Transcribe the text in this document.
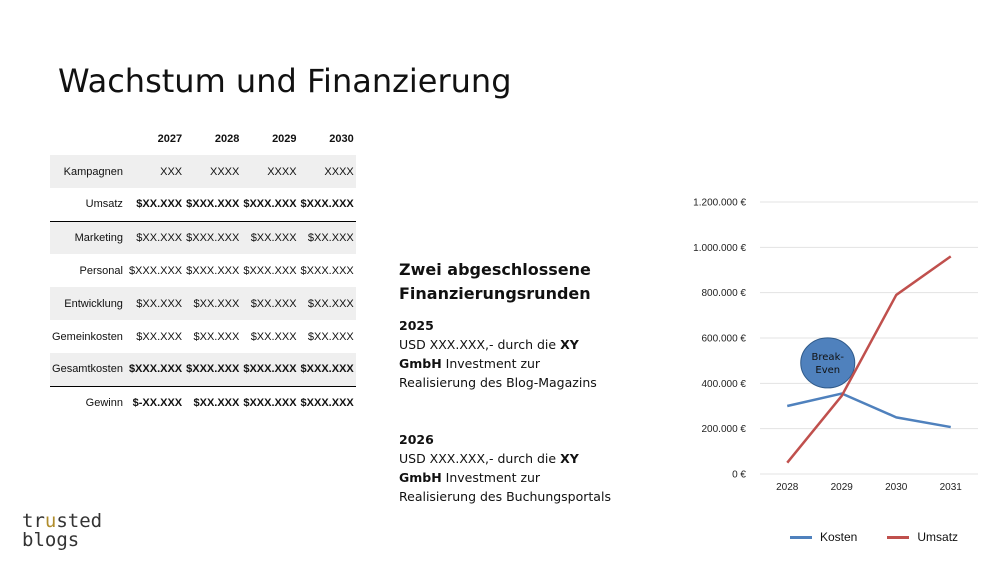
Wachstum und Finanzierung
	2027	2028	2029	2030
Kampagnen	XXX	XXXX	XXXX	XXXX
Umsatz	$XX.XXX	$XXX.XXX	$XXX.XXX	$XXX.XXX
Marketing	$XX.XXX	$XXX.XXX	$XX.XXX	$XX.XXX
Personal	$XXX.XXX	$XXX.XXX	$XXX.XXX	$XXX.XXX
Entwicklung	$XX.XXX	$XX.XXX	$XX.XXX	$XX.XXX
Gemeinkosten	$XX.XXX	$XX.XXX	$XX.XXX	$XX.XXX
Gesamtkosten	$XXX.XXX	$XXX.XXX	$XXX.XXX	$XXX.XXX
Gewinn	$-XX.XXX	$XX.XXX	$XXX.XXX	$XXX.XXX
Zwei abgeschlossene
Finanzierungsrunden
2025
USD XXX.XXX,- durch die XY
GmbH Investment zur
Realisierung des Blog-Magazins
2026
USD XXX.XXX,- durch die XY
GmbH Investment zur
Realisierung des Buchungsportals
0 €
200.000 €
400.000 €
600.000 €
800.000 €
1.000.000 €
1.200.000 €
2028	2029	2030	2031
Break-
Even
Kosten	Umsatz
trusted
blogs
